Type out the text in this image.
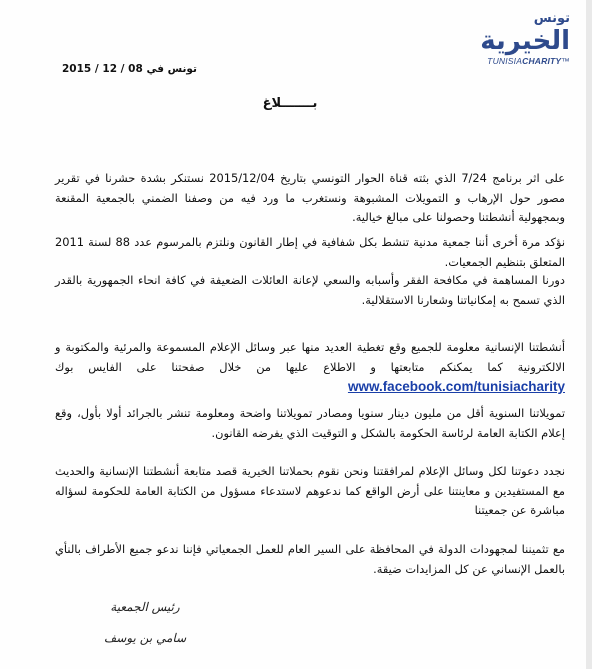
تونس
الخيرية
TUNISIACHARITY™
تونس في 08 / 12 / 2015
بـــــــلاغ

على اثر برنامج 7/24 الذي بثته قناة الحوار التونسي بتاريخ 2015/12/04 نستنكر بشدة حشرنا في تقرير مصور حول الإرهاب و التمويلات المشبوهة ونستغرب ما ورد فيه من وصفنا الضمني بالجمعية المقنعة وبمجهولية أنشطتنا وحصولنا على مبالغ خيالية.

نؤكد مرة أخرى أننا جمعية مدنية تنشط بكل شفافية في إطار القانون ونلتزم بالمرسوم عدد 88 لسنة 2011 المتعلق بتنظيم الجمعيات.

دورنا المساهمة في مكافحة الفقر وأسبابه والسعي لإعانة العائلات الضعيفة في كافة انحاء الجمهورية بالقدر الذي تسمح به إمكانياتنا وشعارنا الاستقلالية.

أنشطتنا الإنسانية معلومة للجميع وقع تغطية العديد منها عبر وسائل الإعلام المسموعة والمرئية والمكتوبة و الالكترونية كما يمكنكم متابعتها و الاطلاع عليها من خلال صفحتنا على الفايس بوك www.facebook.com/tunisiacharity

تمويلاتنا السنوية أقل من مليون دينار سنويا ومصادر تمويلاتنا واضحة ومعلومة تنشر بالجرائد أولا بأول، وقع إعلام الكتابة العامة لرئاسة الحكومة بالشكل و التوقيت الذي يفرضه القانون.

نجدد دعوتنا لكل وسائل الإعلام لمرافقتنا ونحن نقوم بحملاتنا الخيرية قصد متابعة أنشطتنا الإنسانية والحديث مع المستفيدين و معاينتنا على أرض الواقع كما ندعوهم لاستدعاء مسؤول من الكتابة العامة للحكومة لسؤاله مباشرة عن جمعيتنا

مع تثميننا لمجهودات الدولة في المحافظة على السير العام للعمل الجمعياتي فإننا ندعو جميع الأطراف بالنأي بالعمل الإنساني عن كل المزايدات ضيقة.

رئيس الجمعية
سامي بن يوسف
